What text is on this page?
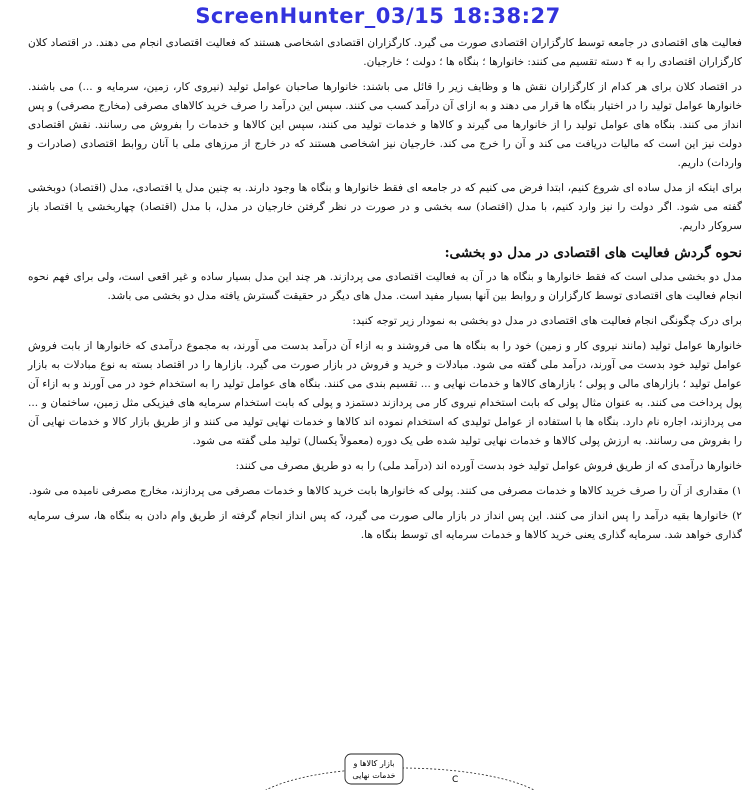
ScreenHunter_03/15 18:38:27

فعالیت های اقتصادی در جامعه توسط کارگزاران اقتصادی صورت می گیرد. کارگزاران اقتصادی اشخاصی هستند که فعالیت اقتصادی انجام می دهند. در اقتصاد کلان کارگزاران اقتصادی را به ۴ دسته تقسیم می کنند: خانوارها ؛ بنگاه ها ؛ دولت ؛ خارجیان.

در اقتصاد کلان برای هر کدام از کارگزاران نقش ها و وظایف زیر را قائل می باشند: خانوارها صاحبان عوامل تولید (نیروی کار، زمین، سرمایه و ...) می باشند. خانوارها عوامل تولید را در اختیار بنگاه ها قرار می دهند و به ازای آن درآمد کسب می کنند. سپس این درآمد را صرف خرید کالاهای مصرفی (مخارج مصرفی) و پس انداز می کنند. بنگاه های عوامل تولید را از خانوارها می گیرند و کالاها و خدمات تولید می کنند، سپس این کالاها و خدمات را بفروش می رسانند. نقش اقتصادی دولت نیز این است که مالیات دریافت می کند و آن را خرج می کند. خارجیان نیز اشخاصی هستند که در خارج از مرزهای ملی با آنان روابط اقتصادی (صادرات و واردات) داریم.

برای اینکه از مدل ساده ای شروع کنیم، ابتدا فرض می کنیم که در جامعه ای فقط خانوارها و بنگاه ها وجود دارند. به چنین مدل یا اقتصادی، مدل (اقتصاد) دوبخشی گفته می شود. اگر دولت را نیز وارد کنیم، با مدل (اقتصاد) سه بخشی و در صورت در نظر گرفتن خارجیان در مدل، با مدل (اقتصاد) چهاربخشی یا اقتصاد باز سروکار داریم.

نحوه گردش فعالیت های اقتصادی در مدل دو بخشی:

مدل دو بخشی مدلی است که فقط خانوارها و بنگاه ها در آن به فعالیت اقتصادی می پردازند. هر چند این مدل بسیار ساده و غیر اقعی است، ولی برای فهم نحوه انجام فعالیت های اقتصادی توسط کارگزاران و روابط بین آنها بسیار مفید است. مدل های دیگر در حقیقت گسترش یافته مدل دو بخشی می باشد.

برای درک چگونگی انجام فعالیت های اقتصادی در مدل دو بخشی به نمودار زیر توجه کنید:

خانوارها عوامل تولید (مانند نیروی کار و زمین) خود را به بنگاه ها می فروشند و به ازاء آن درآمد بدست می آورند، به مجموع درآمدی که خانوارها از بابت فروش عوامل تولید خود بدست می آورند، درآمد ملی گفته می شود. مبادلات و خرید و فروش در بازار صورت می گیرد. بازارها را در اقتصاد بسته به نوع مبادلات به بازار عوامل تولید ؛ بازارهای مالی و پولی ؛ بازارهای کالاها و خدمات نهایی و ... تقسیم بندی می کنند. بنگاه های عوامل تولید را به استخدام خود در می آورند و به ازاء آن پول پرداخت می کنند. به عنوان مثال پولی که بابت استخدام نیروی کار می پردازند دستمزد و پولی که بابت استخدام سرمایه های فیزیکی مثل زمین، ساختمان و ... می پردازند، اجاره نام دارد. بنگاه ها با استفاده از عوامل تولیدی که استخدام نموده اند کالاها و خدمات نهایی تولید می کنند و از طریق بازار کالا و خدمات نهایی آن را بفروش می رسانند. به ارزش پولی کالاها و خدمات نهایی تولید شده طی یک دوره (معمولاً یکسال) تولید ملی گفته می شود.

خانوارها درآمدی که از طریق فروش عوامل تولید خود بدست آورده اند (درآمد ملی) را به دو طریق مصرف می کنند:

۱) مقداری از آن را صرف خرید کالاها و خدمات مصرفی می کنند. پولی که خانوارها بابت خرید کالاها و خدمات مصرفی می پردازند، مخارج مصرفی نامیده می شود.

۲) خانوارها بقیه درآمد را پس انداز می کنند. این پس انداز در بازار مالی صورت می گیرد، که پس انداز انجام گرفته از طریق وام دادن به بنگاه ها، سرف سرمایه گذاری خواهد شد. سرمایه گذاری یعنی خرید کالاها و خدمات سرمایه ای توسط بنگاه ها.

بازار کالاها و
خدمات نهایی	C
